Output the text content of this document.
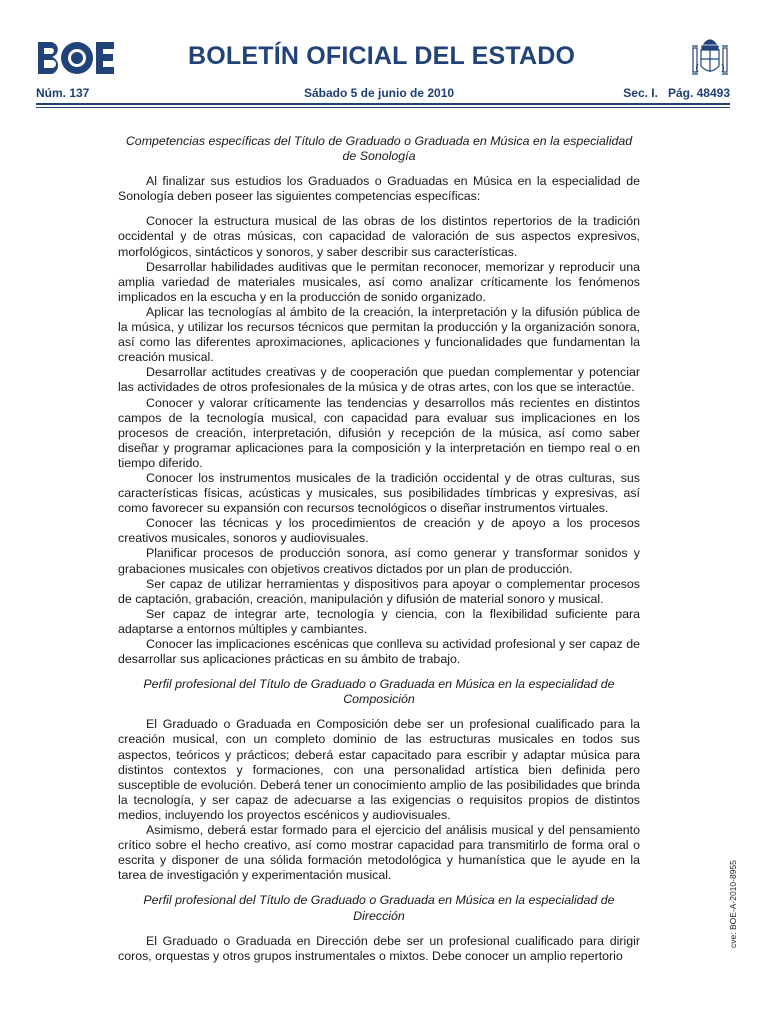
BOLETÍN OFICIAL DEL ESTADO
Núm. 137	Sábado 5 de junio de 2010	Sec. I.   Pág. 48493

Competencias específicas del Título de Graduado o Graduada en Música en la especialidad de Sonología

Al finalizar sus estudios los Graduados o Graduadas en Música en la especialidad de Sonología deben poseer las siguientes competencias específicas:

Conocer la estructura musical de las obras de los distintos repertorios de la tradición occidental y de otras músicas, con capacidad de valoración de sus aspectos expresivos, morfológicos, sintácticos y sonoros, y saber describir sus características.

Desarrollar habilidades auditivas que le permitan reconocer, memorizar y reproducir una amplia variedad de materiales musicales, así como analizar críticamente los fenómenos implicados en la escucha y en la producción de sonido organizado.

Aplicar las tecnologías al ámbito de la creación, la interpretación y la difusión pública de la música, y utilizar los recursos técnicos que permitan la producción y la organización sonora, así como las diferentes aproximaciones, aplicaciones y funcionalidades que fundamentan la creación musical.

Desarrollar actitudes creativas y de cooperación que puedan complementar y potenciar las actividades de otros profesionales de la música y de otras artes, con los que se interactúe.

Conocer y valorar críticamente las tendencias y desarrollos más recientes en distintos campos de la tecnología musical, con capacidad para evaluar sus implicaciones en los procesos de creación, interpretación, difusión y recepción de la música, así como saber diseñar y programar aplicaciones para la composición y la interpretación en tiempo real o en tiempo diferido.

Conocer los instrumentos musicales de la tradición occidental y de otras culturas, sus características físicas, acústicas y musicales, sus posibilidades tímbricas y expresivas, así como favorecer su expansión con recursos tecnológicos o diseñar instrumentos virtuales.

Conocer las técnicas y los procedimientos de creación y de apoyo a los procesos creativos musicales, sonoros y audiovisuales.

Planificar procesos de producción sonora, así como generar y transformar sonidos y grabaciones musicales con objetivos creativos dictados por un plan de producción.

Ser capaz de utilizar herramientas y dispositivos para apoyar o complementar procesos de captación, grabación, creación, manipulación y difusión de material sonoro y musical.

Ser capaz de integrar arte, tecnología y ciencia, con la flexibilidad suficiente para adaptarse a entornos múltiples y cambiantes.

Conocer las implicaciones escénicas que conlleva su actividad profesional y ser capaz de desarrollar sus aplicaciones prácticas en su ámbito de trabajo.

Perfil profesional del Título de Graduado o Graduada en Música en la especialidad de Composición

El Graduado o Graduada en Composición debe ser un profesional cualificado para la creación musical, con un completo dominio de las estructuras musicales en todos sus aspectos, teóricos y prácticos; deberá estar capacitado para escribir y adaptar música para distintos contextos y formaciones, con una personalidad artística bien definida pero susceptible de evolución. Deberá tener un conocimiento amplio de las posibilidades que brinda la tecnología, y ser capaz de adecuarse a las exigencias o requisitos propios de distintos medios, incluyendo los proyectos escénicos y audiovisuales.

Asimismo, deberá estar formado para el ejercicio del análisis musical y del pensamiento crítico sobre el hecho creativo, así como mostrar capacidad para transmitirlo de forma oral o escrita y disponer de una sólida formación metodológica y humanística que le ayude en la tarea de investigación y experimentación musical.

Perfil profesional del Título de Graduado o Graduada en Música en la especialidad de Dirección

El Graduado o Graduada en Dirección debe ser un profesional cualificado para dirigir coros, orquestas y otros grupos instrumentales o mixtos. Debe conocer un amplio repertorio

cve: BOE-A-2010-8955
